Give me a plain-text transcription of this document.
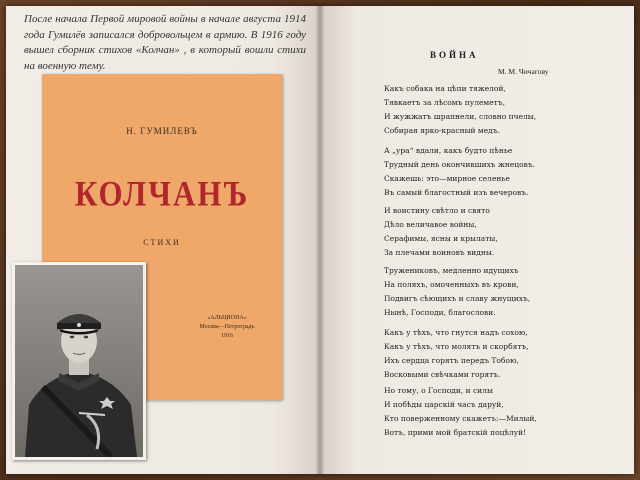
После начала Первой мировой войны в начале августа 1914 года Гумилёв записался добровольцем в армию. В 1916 году вышел сборник стихов «Колчан» , в который вошли стихи на военную тему.
Н. ГУМИЛЕВЪ
КОЛЧАНЪ
СТИХИ
«АЛЬЦИОНА»
Москва—Петроградъ
1916
ВОЙНА
М. М. Чичагову
Какъ собака на цѣпи тяжелой,
Тявкаетъ за лѣсомъ пулеметъ,
И жужжатъ шрапнели, словно пчелы,
Собирая ярко-красный медъ.
А „ура“ вдали, какъ будто пѣнье
Трудный день окончившихъ жнецовъ.
Скажешь: это—мирное селенье
Въ самый благостный изъ вечеровъ.
И воистину свѣтло и свято
Дѣло величавое войны,
Серафимы, ясны и крылаты,
За плечами воиновъ видны.
Тружениковъ, медленно идущихъ
На поляхъ, омоченныхъ въ крови,
Подвигъ сѣющихъ и славу жнущихъ,
Нынѣ, Господи, благослови.
Какъ у тѣхъ, что гнутся надъ сохою,
Какъ у тѣхъ, что молятъ и скорбятъ,
Ихъ сердца горятъ передъ Тобою,
Восковыми свѣчками горятъ.
Но тому, о Господи, и силы
И побѣды царскiй часъ даруй,
Кто поверженному скажетъ:—Милый,
Вотъ, прими мой братскiй поцѣлуй!
